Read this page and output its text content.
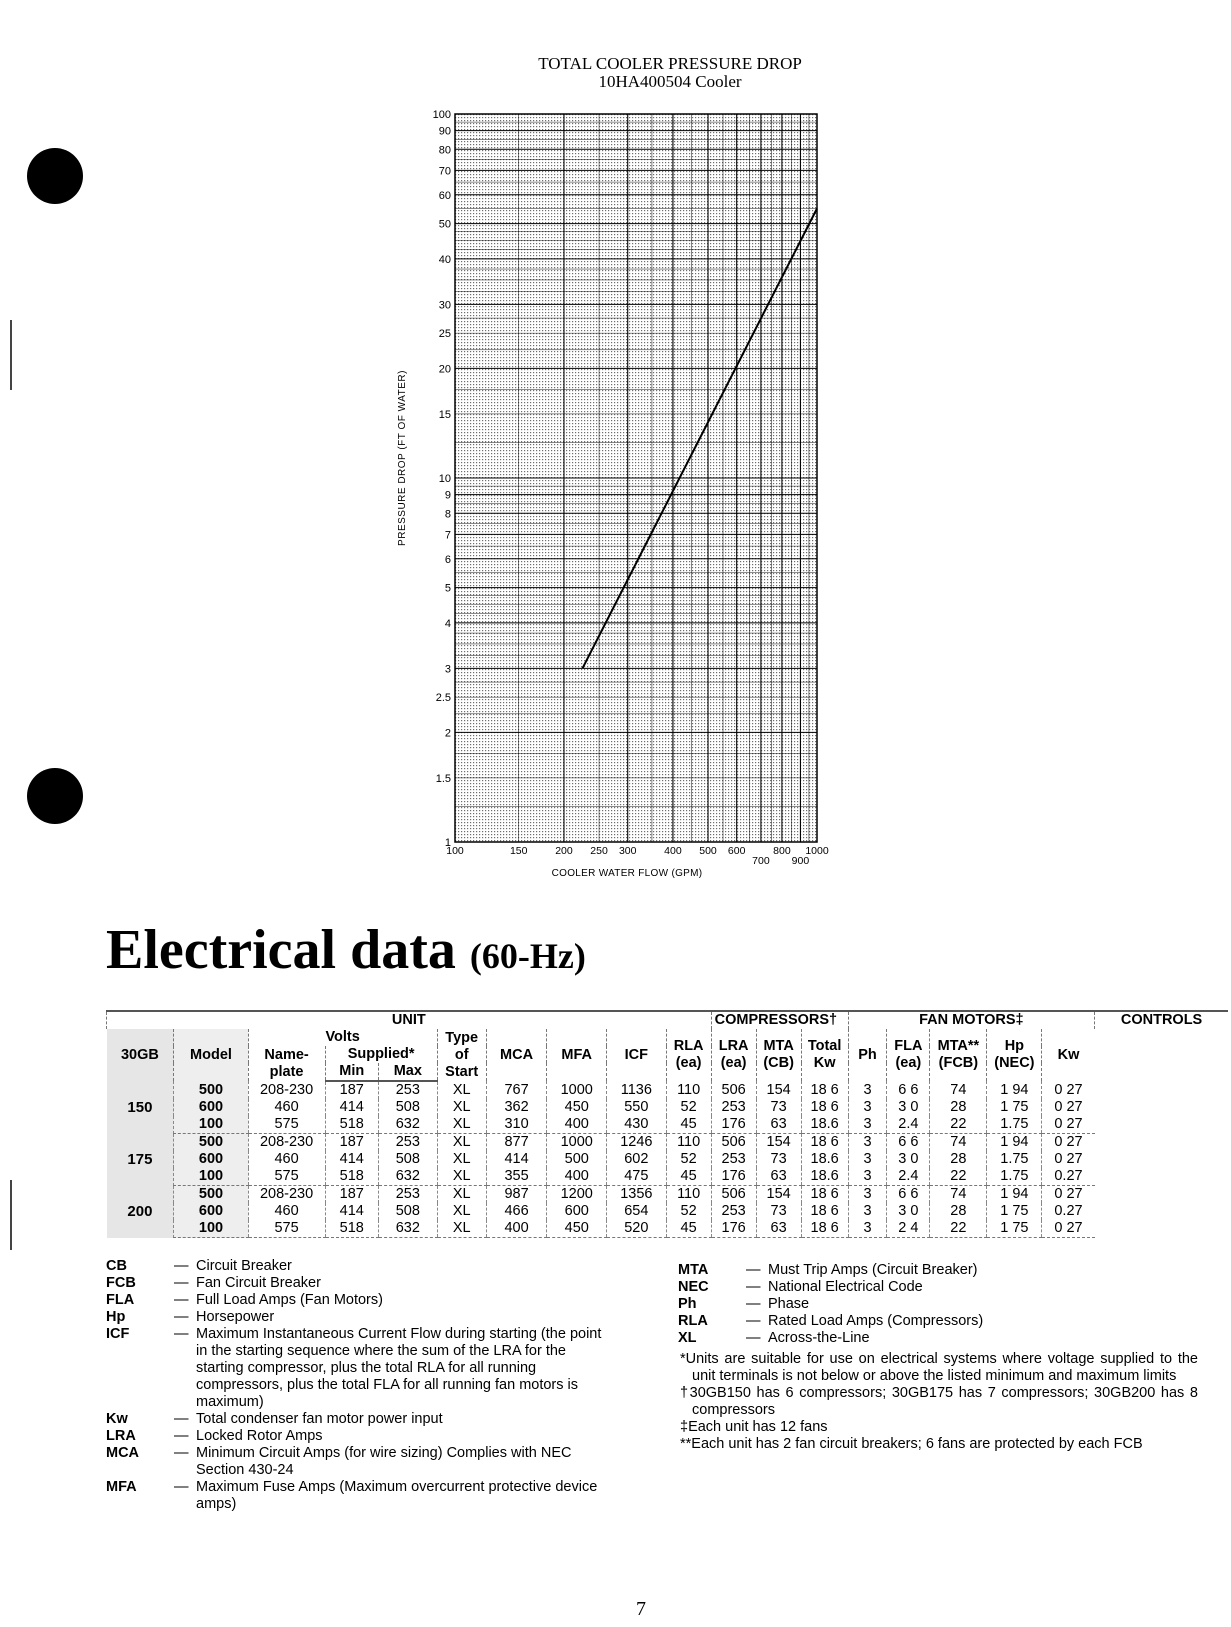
TOTAL COOLER PRESSURE DROP
10HA400504 Cooler
1
1.5
2
2.5
3
4
5
6
7
8
9
10
15
20
25
30
40
50
60
70
80
90
100
100	150	200 250 300	400 500 600
700
800
900
1000
PRESSURE DROP (FT OF WATER)
COOLER WATER FLOW (GPM)
Electrical data (60-Hz)
UNIT										COMPRESSORS†			FAN MOTORS‡					CONTROLS
30GB	Model	Volts			Type of Start	MCA	MFA	ICF	RLA (ea)	LRA (ea)	MTA (CB)	Total Kw	Ph	FLA (ea)	MTA** (FCB)	Hp (NEC)	Kw	
		Name-plate	Supplied*															
			Min	Max														
150	500	208-230	187	253	XL	767	1000	1136	110	506	154	18 6	3	6 6	74	1 94	0 27	
	600	460	414	508	XL	362	450	550	52	253	73	18 6	3	3 0	28	1 75	0 27	
	100	575	518	632	XL	310	400	430	45	176	63	18.6	3	2.4	22	1.75	0 27	
175	500	208-230	187	253	XL	877	1000	1246	110	506	154	18 6	3	6 6	74	1 94	0 27	
	600	460	414	508	XL	414	500	602	52	253	73	18.6	3	3 0	28	1.75	0 27	
	100	575	518	632	XL	355	400	475	45	176	63	18.6	3	2.4	22	1.75	0.27	
200	500	208-230	187	253	XL	987	1200	1356	110	506	154	18 6	3	6 6	74	1 94	0 27	
	600	460	414	508	XL	466	600	654	52	253	73	18 6	3	3 0	28	1 75	0.27	
	100	575	518	632	XL	400	450	520	45	176	63	18 6	3	2 4	22	1 75	0 27	
CB	— Circuit Breaker
FCB	— Fan Circuit Breaker
FLA	— Full Load Amps (Fan Motors)
Hp	— Horsepower
ICF	— Maximum Instantaneous Current Flow during starting (the point in the starting sequence where the sum of the LRA for the starting compressor, plus the total RLA for all running compressors, plus the total FLA for all running fan motors is maximum)
Kw	— Total condenser fan motor power input
LRA	— Locked Rotor Amps
MCA	— Minimum Circuit Amps (for wire sizing) Complies with NEC Section 430-24
MFA	— Maximum Fuse Amps (Maximum overcurrent protective device amps)
MTA	— Must Trip Amps (Circuit Breaker)
NEC	— National Electrical Code
Ph	— Phase
RLA	— Rated Load Amps (Compressors)
XL	— Across-the-Line
*Units are suitable for use on electrical systems where voltage supplied to the unit terminals is not below or above the listed minimum and maximum limits
†30GB150 has 6 compressors; 30GB175 has 7 compressors; 30GB200 has 8 compressors
‡Each unit has 12 fans
**Each unit has 2 fan circuit breakers; 6 fans are protected by each FCB
7
